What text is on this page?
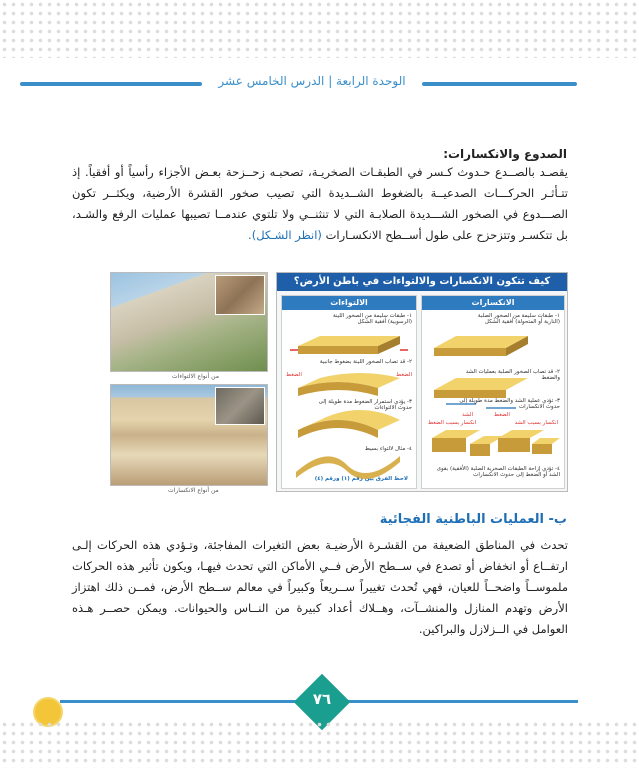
الوحدة الرابعة | الدرس الخامس عشر
الصدوع والانكسارات:
يقصـد بالصــدع حـدوث كـسر في الطبقـات الصخريـة، تصحبـه زحــزحة بعـض الأجزاء رأسياً أو أفقياً. إذ تتـأثـر الحركـــات الصدعيــة بالضغوط الشــديدة التي تصيب صخور القشرة الأرضية، ويكثــر تكون الصـــدوع في الصخور الشـــديدة الصلابـة التي لا تنثنــي ولا تلتوي عندمــا تصيبها عمليات الرفع والشـد، بل تتكسـر وتتزحزح على طول أســطح الانكسـارات (انظر الشـكل).
من أنواع الالتواءات
من أنواع الانكسارات
كيف تتكون الانكسارات والالتواءات في باطن الأرض؟
الالتواءات
١- طبقات سليمة من الصخور اللينة (الرسوبية) أفقية الشكل
٢- قد تصاب الصخور اللينة بضغوط جانبية
٣- يؤدي استمرار الضغوط مدة طويلة إلى حدوث الالتواءات
٤- مثال لالتواء بسيط
الضغط	الضغط
لاحظ الفرق بين رقم (١) ورقم (٤)
الانكسارات
١- طبقات سليمة من الصخور الصلبة (النارية أو المتحولة) أفقية الشكل
٢- قد تصاب الصخور الصلبة بعمليات الشد والضغط
٣- تؤدي عملية الشد والضغط مدة طويلة إلى حدوث الانكسارات
الشد	الضغط
انكسار بسبب الضغط	انكسار بسبب الشد
٤- تؤدي إزاحة الطبقات الصخرية الصلبة (الأفقية) بقوى الشد أو الضغط إلى حدوث الانكسارات
ب- العمليات الباطنية الفجائية
تحدث في المناطق الضعيفة من القشـرة الأرضيـة بعض التغيرات المفاجئة، وتـؤدي هذه الحركات إلـى ارتفــاع أو انخفاض أو تصدع في ســطح الأرض فــي الأماكن التي تحدث فيهـا، ويكون تأثير هذه الحركات ملموســاً واضحــاً للعيان، فهي تُحدث تغييراً ســريعاً وكبيراً في معالم ســطح الأرض، فمــن ذلك اهتزاز الأرض وتهدم المنازل والمنشــآت، وهــلاك أعداد كبيرة من النــاس والحيوانات. ويمكن حصــر هـذه العوامل في الــزلازل والبراكين.
٧٦
